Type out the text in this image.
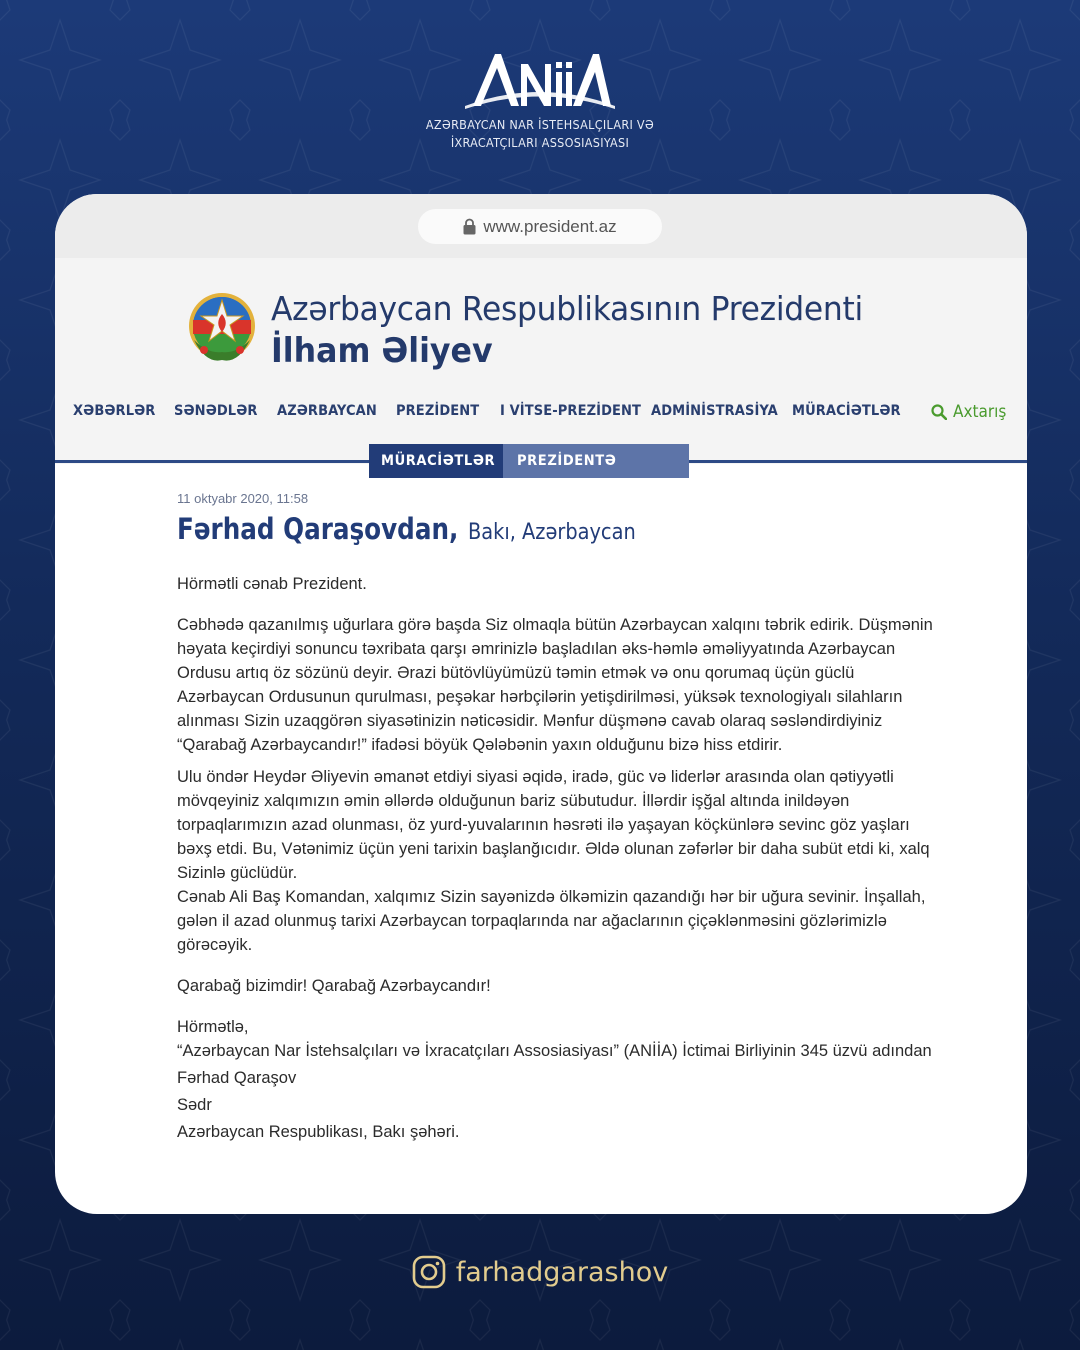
AZƏRBAYCAN NAR İSTEHSALÇILARI VƏ
İXRACATÇILARI ASSOSIASIYASI
www.president.az
Azərbaycan Respublikasının Prezidenti
İlham Əliyev
XƏBƏRLƏR SƏNƏDLƏR AZƏRBAYCAN PREZİDENT I VİTSE-PREZİDENT ADMİNİSTRASİYA MÜRACİƏTLƏR	Axtarış
MÜRACİƏTLƏR	PREZİDENTƏ YAZIRLAR
11 oktyabr 2020, 11:58
Fərhad Qaraşovdan, Bakı, Azərbaycan

Hörmətli cənab Prezident.

Cəbhədə qazanılmış uğurlara görə başda Siz olmaqla bütün Azərbaycan xalqını təbrik edirik. Düşmənin həyata keçirdiyi sonuncu təxribata qarşı əmrinizlə başladılan əks-həmlə əməliyyatında Azərbaycan Ordusu artıq öz sözünü deyir. Ərazi bütövlüyümüzü təmin etmək və onu qorumaq üçün güclü Azərbaycan Ordusunun qurulması, peşəkar hərbçilərin yetişdirilməsi, yüksək texnologiyalı silahların alınması Sizin uzaqgörən siyasətinizin nəticəsidir. Mənfur düşmənə cavab olaraq səsləndirdiyiniz “Qarabağ Azərbaycandır!” ifadəsi böyük Qələbənin yaxın olduğunu bizə hiss etdirir.

Ulu öndər Heydər Əliyevin əmanət etdiyi siyasi əqidə, iradə, güc və liderlər arasında olan qətiyyətli mövqeyiniz xalqımızın əmin əllərdə olduğunun bariz sübutudur. İllərdir işğal altında inildəyən torpaqlarımızın azad olunması, öz yurd-yuvalarının həsrəti ilə yaşayan köçkünlərə sevinc göz yaşları bəxş etdi. Bu, Vətənimiz üçün yeni tarixin başlanğıcıdır. Əldə olunan zəfərlər bir daha subüt etdi ki, xalq Sizinlə güclüdür.

Cənab Ali Baş Komandan, xalqımız Sizin sayənizdə ölkəmizin qazandığı hər bir uğura sevinir. İnşallah, gələn il azad olunmuş tarixi Azərbaycan torpaqlarında nar ağaclarının çiçəklənməsini gözlərimizlə görəcəyik.

Qarabağ bizimdir! Qarabağ Azərbaycandır!

Hörmətlə,

“Azərbaycan Nar İstehsalçıları və İxracatçıları Assosiasiyası” (ANİİA) İctimai Birliyinin 345 üzvü adından

Fərhad Qaraşov

Sədr

Azərbaycan Respublikası, Bakı şəhəri.

farhadgarashov
